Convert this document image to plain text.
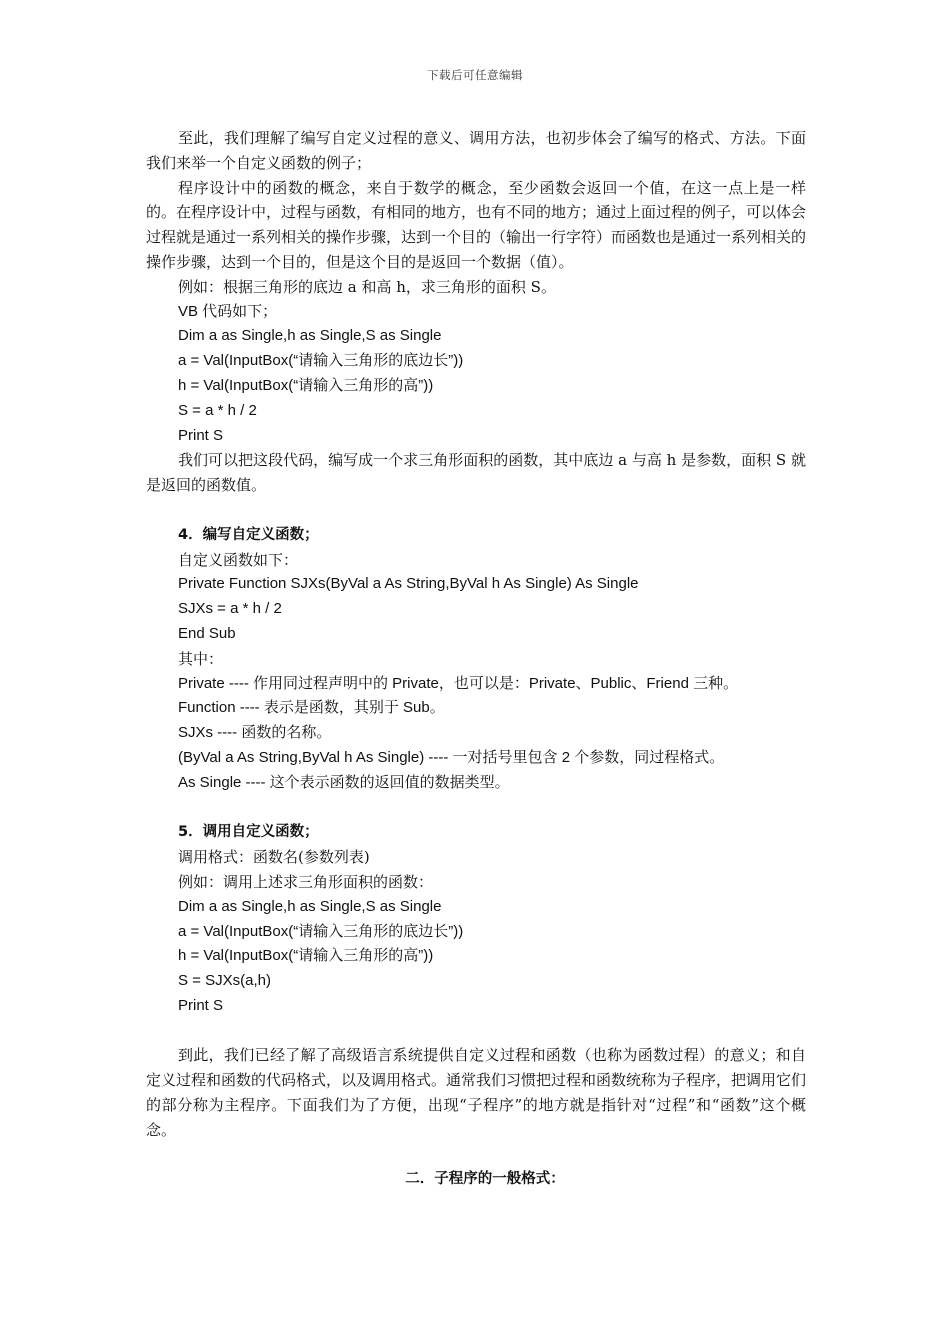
下载后可任意编辑

至此，我们理解了编写自定义过程的意义、调用方法，也初步体会了编写的格式、方法。下面我们来举一个自定义函数的例子；

程序设计中的函数的概念，来自于数学的概念，至少函数会返回一个值，在这一点上是一样的。在程序设计中，过程与函数，有相同的地方，也有不同的地方；通过上面过程的例子，可以体会过程就是通过一系列相关的操作步骤，达到一个目的（输出一行字符）而函数也是通过一系列相关的操作步骤，达到一个目的，但是这个目的是返回一个数据（值）。

例如：根据三角形的底边 a 和高 h，求三角形的面积 S。

VB 代码如下；

Dim a as Single,h as Single,S as Single

a = Val(InputBox(“请输入三角形的底边长”))

h = Val(InputBox(“请输入三角形的高”))

S = a * h / 2

Print S

我们可以把这段代码，编写成一个求三角形面积的函数，其中底边 a 与高 h 是参数，面积 S 就是返回的函数值。

4．编写自定义函数；

自定义函数如下：

Private Function SJXs(ByVal a As String,ByVal h As Single) As Single

SJXs = a * h / 2

End Sub

其中：

Private ---- 作用同过程声明中的 Private，也可以是：Private、Public、Friend 三种。

Function ---- 表示是函数，其别于 Sub。

SJXs ---- 函数的名称。

(ByVal a As String,ByVal h As Single) ---- 一对括号里包含 2 个参数，同过程格式。

As Single ---- 这个表示函数的返回值的数据类型。

5．调用自定义函数；

调用格式：函数名(参数列表)

例如：调用上述求三角形面积的函数：

Dim a as Single,h as Single,S as Single

a = Val(InputBox(“请输入三角形的底边长”))

h = Val(InputBox(“请输入三角形的高”))

S = SJXs(a,h)

Print S

到此，我们已经了解了高级语言系统提供自定义过程和函数（也称为函数过程）的意义；和自定义过程和函数的代码格式，以及调用格式。通常我们习惯把过程和函数统称为子程序，把调用它们的部分称为主程序。下面我们为了方便，出现“子程序”的地方就是指针对“过程”和“函数”这个概念。

二．子程序的一般格式：
